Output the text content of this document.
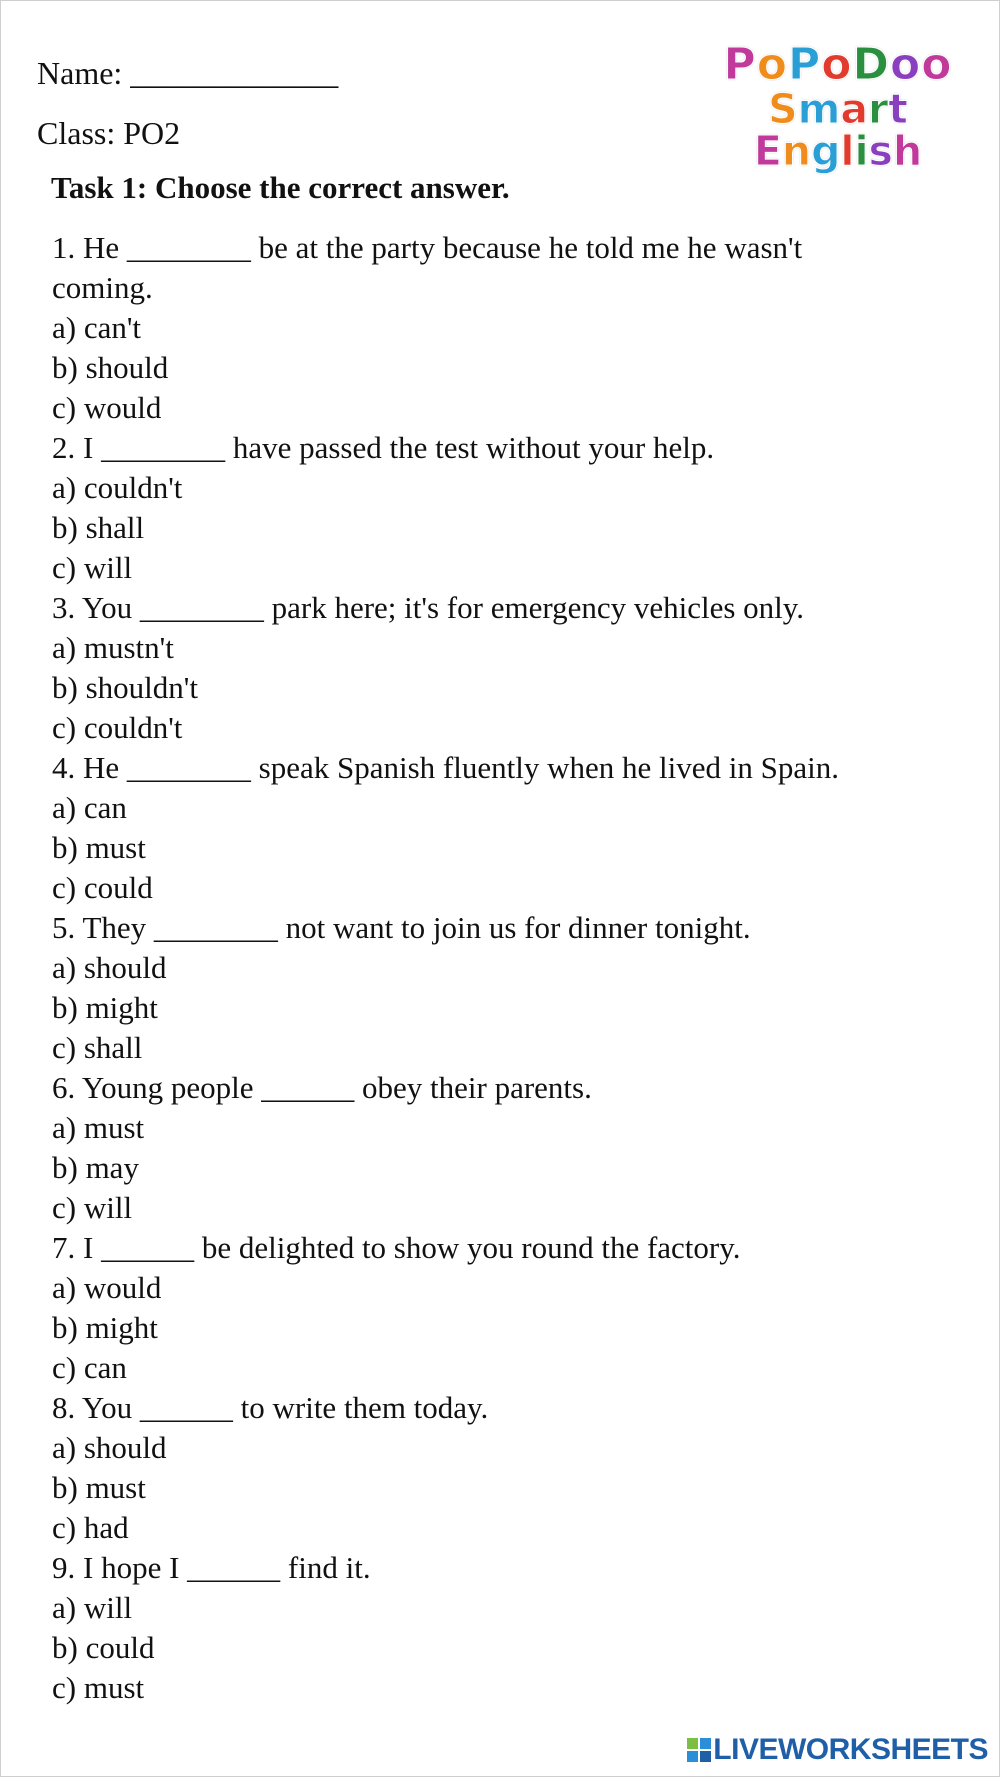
Name: _____________
Class: PO2
PoPoDoo
Smart English
Task 1: Choose the correct answer.
1. He ________ be at the party because he told me he wasn't
coming.
a) can't
b) should
c) would
2. I ________ have passed the test without your help.
a) couldn't
b) shall
c) will
3. You ________ park here; it's for emergency vehicles only.
a) mustn't
b) shouldn't
c) couldn't
4. He ________ speak Spanish fluently when he lived in Spain.
a) can
b) must
c) could
5. They ________ not want to join us for dinner tonight.
a) should
b) might
c) shall
6. Young people ______ obey their parents.
a) must
b) may
c) will
7. I ______ be delighted to show you round the factory.
a) would
b) might
c) can
8. You ______ to write them today.
a) should
b) must
c) had
9. I hope I ______ find it.
a) will
b) could
c) must
LIVEWORKSHEETS
